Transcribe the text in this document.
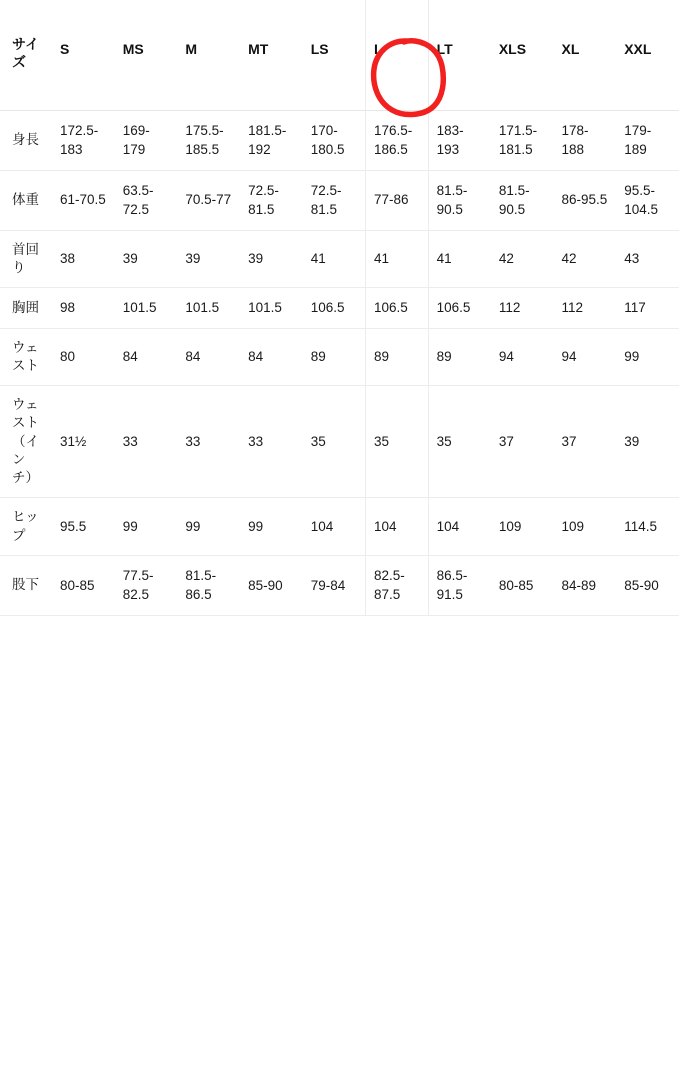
サイズ	S	MS	M	MT	LS	L	LT	XLS	XL	XXL
身長	172.5-183	169-179	175.5-185.5	181.5-192	170-180.5	176.5-186.5	183-193	171.5-181.5	178-188	179-189
体重	61-70.5	63.5-72.5	70.5-77	72.5-81.5	72.5-81.5	77-86	81.5-90.5	81.5-90.5	86-95.5	95.5-104.5
首回り	38	39	39	39	41	41	41	42	42	43
胸囲	98	101.5	101.5	101.5	106.5	106.5	106.5	112	112	117
ウェスト	80	84	84	84	89	89	89	94	94	99
ウェスト（インチ）	31½	33	33	33	35	35	35	37	37	39
ヒップ	95.5	99	99	99	104	104	104	109	109	114.5
股下	80-85	77.5-82.5	81.5-86.5	85-90	79-84	82.5-87.5	86.5-91.5	80-85	84-89	85-90
